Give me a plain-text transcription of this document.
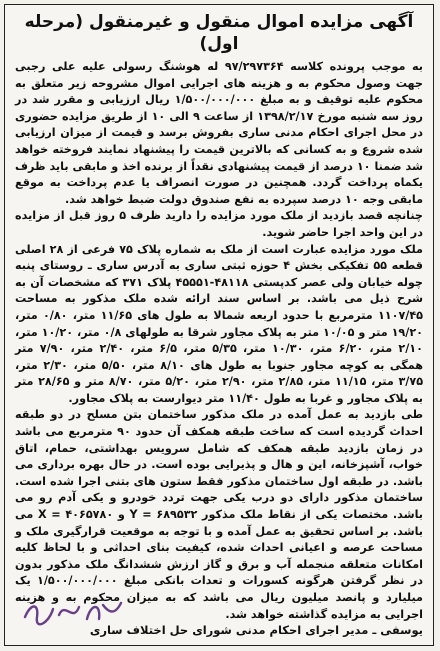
آگهی مزایده اموال منقول و غیرمنقول (مرحله اول)

به موجب پرونده کلاسه ۹۷/۲۹۷۳۶۴ له هوشنگ رسولی علیه علی رجبی جهت وصول محکوم به و هزینه های اجرایی اموال مشروحه زیر متعلق به محکوم علیه توقیف و به مبلغ ۱/۵۰۰/۰۰۰/۰۰۰ ریال ارزیابی و مقرر شد در روز سه شنبه مورخ ۱۳۹۸/۲/۱۷ از ساعت ۹ الی ۱۰ از طریق مزایده حضوری در محل اجرای احکام مدنی ساری بفروش برسد و قیمت از میزان ارزیابی شده شروع و به کسانی که بالاترین قیمت را پیشنهاد نمایند فروخته خواهد شد ضمنا ۱۰ درصد از قیمت پیشنهادی نقداً از برنده اخذ و مابقی باید ظرف یکماه پرداخت گردد. همچنین در صورت انصراف یا عدم پرداخت به موقع مابقی وجه ۱۰ درصد سپرده به نفع صندوق دولت ضبط خواهد شد.

چنانچه قصد بازدید از ملک مورد مزایده را دارید ظرف ۵ روز قبل از مزایده در این واحد اجرا حاضر شوید.

ملک مورد مزایده عبارت است از ملک به شماره پلاک ۷۵ فرعی از ۲۸ اصلی قطعه ۵۵ تفکیکی بخش ۴ حوزه ثبتی ساری به آدرس ساری ـ روستای پنبه چوله خیابان ولی عصر کدپستی ۴۸۱۱۸-۴۵۵۵۱ پلاک ۳۷۱ که مشخصات آن به شرح ذیل می باشد. بر اساس سند ارائه شده ملک مذکور به مساحت ۱۱۰۷/۴۵ مترمربع با حدود اربعه شمالا به طول های ۱۱/۶۵ متر، ۰/۸۰ متر، ۱۹/۲۰ متر و ۱۰/۰۵ متر به پلاک مجاور شرقا به طولهای ۰/۸ متر، ۱۰/۲۰ متر، ۲/۱۰ متر، ۶/۲۰ متر، ۱۰/۳۰ متر، ۵/۳۵ متر، ۶/۵ متر، ۲/۴۰ متر، ۷/۹۰ متر همگی به کوچه مجاور جنوبا به طول های ۸/۱۰ متر، ۵/۵۰ متر، ۲/۳۰ متر، ۳/۷۵ متر، ۱۱/۱۵ متر، ۲/۸۵ متر، ۲/۹۰ متر، ۵/۲۰ متر، ۸/۷۰ متر و ۲۸/۶۵ متر به پلاک مجاور و غربا به طول ۱۱/۴۰ متر دیوارست به پلاک مجاور.

طی بازدید به عمل آمده در ملک مذکور ساختمان بتن مسلح در دو طبقه احداث گردیده است که ساخت طبقه همکف آن حدود ۹۰ مترمربع می باشد در زمان بازدید طبقه همکف که شامل سرویس بهداشتی، حمام، اتاق خواب، آشپزخانه، این و هال و پذیرایی بوده است. در حال بهره برداری می باشد. در طبقه اول ساختمان مذکور فقط ستون های بتنی اجرا شده است. ساختمان مذکور دارای دو درب یکی جهت تردد خودرو و یکی آدم رو می باشد. مختصات یکی از نقاط ملک مذکور ۶۸۹۵۳۲ = Y و ۴۰۶۵۷۸۰ = X می باشد. بر اساس تحقیق به عمل آمده و با توجه به موقعیت قرارگیری ملک و مساحت عرصه و اعیانی احداث شده، کیفیت بنای احداثی و با لحاظ کلیه امکانات متعلقه منجمله آب و برق و گاز ارزش ششدانگ ملک مذکور بدون در نظر گرفتن هرگونه کسورات و تعدات بانکی مبلغ ۱/۵۰۰/۰۰۰/۰۰۰ یک میلیارد و پانصد میلیون ریال می باشد که به میزان محکوم به و هزینه اجرایی به مزایده گذاشته خواهد شد.

یوسفی ـ مدیر اجرای احکام مدنی شورای حل اختلاف ساری
